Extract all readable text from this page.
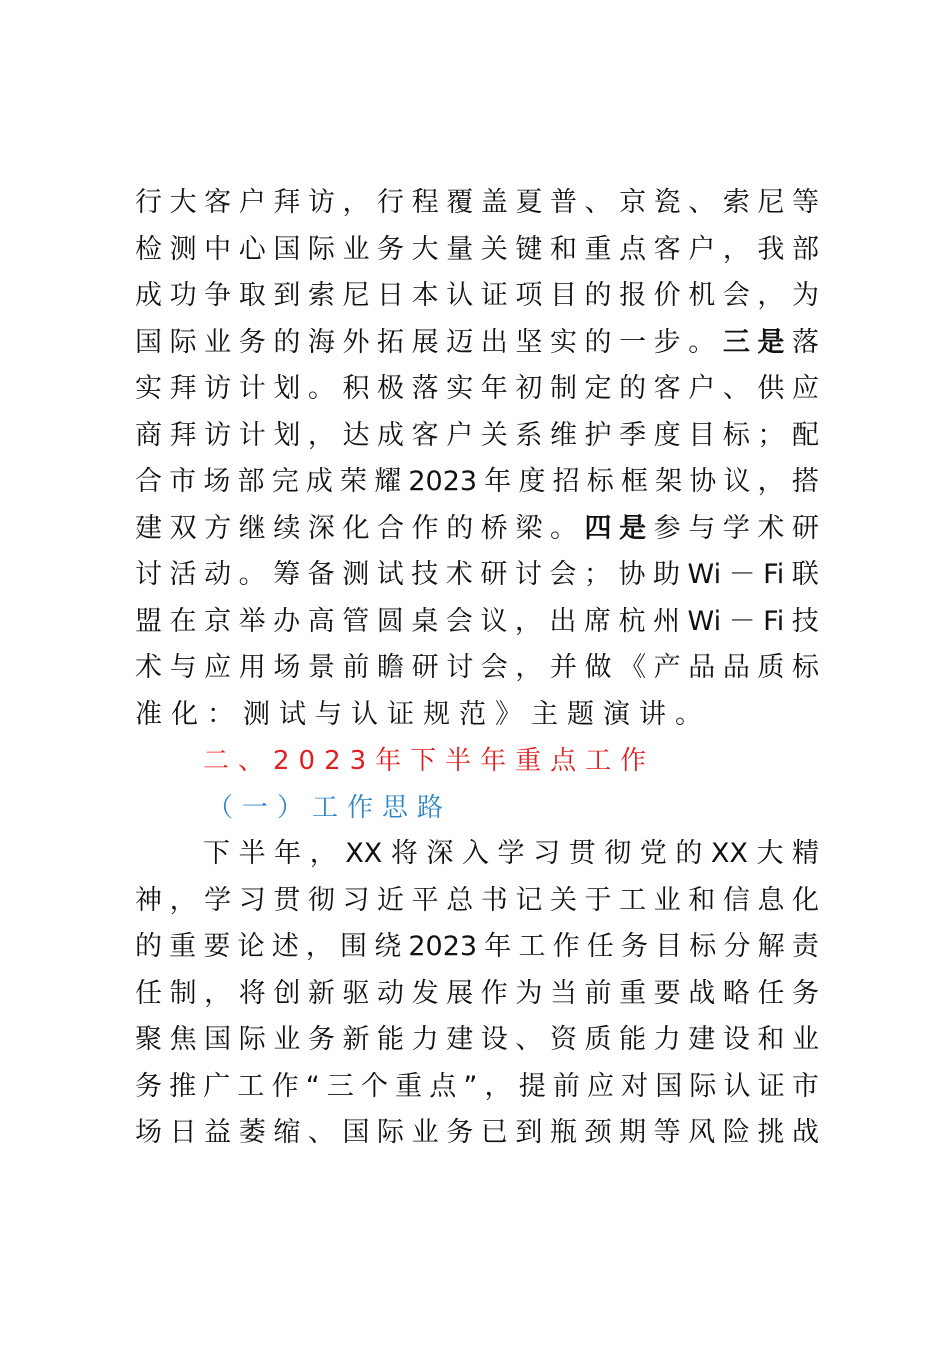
行 大 客 户 拜 访 ， 行 程 覆 盖 夏 普 、 京 瓷 、 索 尼 等
检 测 中 心 国 际 业 务 大 量 关 键 和 重 点 客 户 ， 我 部
成 功 争 取 到 索 尼 日 本 认 证 项 目 的 报 价 机 会 ， 为
国 际 业 务 的 海 外 拓 展 迈 出 坚 实 的 一 步 。 三 是 落
实 拜 访 计 划 。 积 极 落 实 年 初 制 定 的 客 户 、 供 应
商 拜 访 计 划 ， 达 成 客 户 关 系 维 护 季 度 目 标 ； 配
合 市 场 部 完 成 荣 耀 2023 年 度 招 标 框 架 协 议 ， 搭
建 双 方 继 续 深 化 合 作 的 桥 梁 。 四 是 参 与 学 术 研
讨 活 动 。 筹 备 测 试 技 术 研 讨 会 ； 协 助 Wi － Fi 联
盟 在 京 举 办 高 管 圆 桌 会 议 ， 出 席 杭 州 Wi － Fi 技
术 与 应 用 场 景 前 瞻 研 讨 会 ， 并 做 《 产 品 品 质 标
准化：测试与认证规范》主题演讲。
二、2023年下半年重点工作
（一）工作思路
下 半 年 ， XX 将 深 入 学 习 贯 彻 党 的 XX 大 精
神 ， 学 习 贯 彻 习 近 平 总 书 记 关 于 工 业 和 信 息 化
的 重 要 论 述 ， 围 绕 2023 年 工 作 任 务 目 标 分 解 责
任 制 ， 将 创 新 驱 动 发 展 作 为 当 前 重 要 战 略 任 务
聚 焦 国 际 业 务 新 能 力 建 设 、 资 质 能 力 建 设 和 业
务 推 广 工 作 “ 三 个 重 点 ” ， 提 前 应 对 国 际 认 证 市
场 日 益 萎 缩 、 国 际 业 务 已 到 瓶 颈 期 等 风 险 挑 战
